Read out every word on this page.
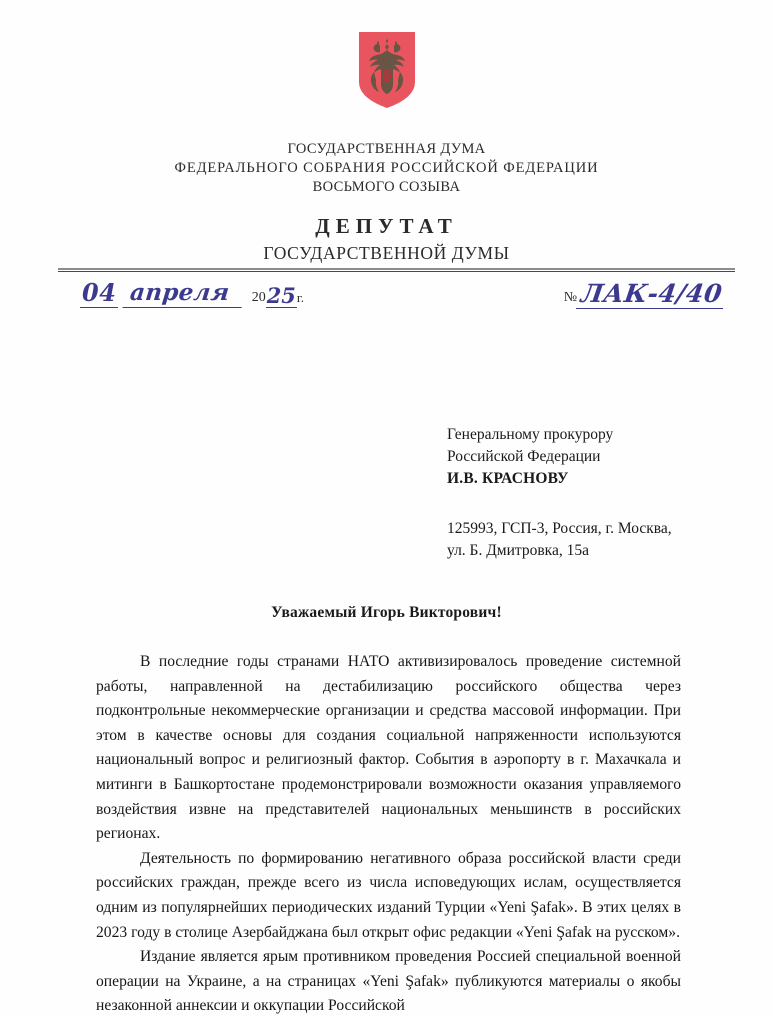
ГОСУДАРСТВЕННАЯ ДУМА
ФЕДЕРАЛЬНОГО СОБРАНИЯ РОССИЙСКОЙ ФЕДЕРАЦИИ
ВОСЬМОГО СОЗЫВА
ДЕПУТАТ
ГОСУДАРСТВЕННОЙ ДУМЫ
04 апреля	20 25 г.	№ ЛАК-4/40
Генеральному прокурору
Российской Федерации
И.В. КРАСНОВУ
125993, ГСП-3, Россия, г. Москва,
ул. Б. Дмитровка, 15а
Уважаемый Игорь Викторович!

В последние годы странами НАТО активизировалось проведение системной работы, направленной на дестабилизацию российского общества через подконтрольные некоммерческие организации и средства массовой информации. При этом в качестве основы для создания социальной напряженности используются национальный вопрос и религиозный фактор. События в аэропорту в г. Махачкала и митинги в Башкортостане продемонстрировали возможности оказания управляемого воздействия извне на представителей национальных меньшинств в российских регионах.

Деятельность по формированию негативного образа российской власти среди российских граждан, прежде всего из числа исповедующих ислам, осуществляется одним из популярнейших периодических изданий Турции «Yeni Şafak». В этих целях в 2023 году в столице Азербайджана был открыт офис редакции «Yeni Şafak на русском».

Издание является ярым противником проведения Россией специальной военной операции на Украине, а на страницах «Yeni Şafak» публикуются материалы о якобы незаконной аннексии и оккупации Российской
